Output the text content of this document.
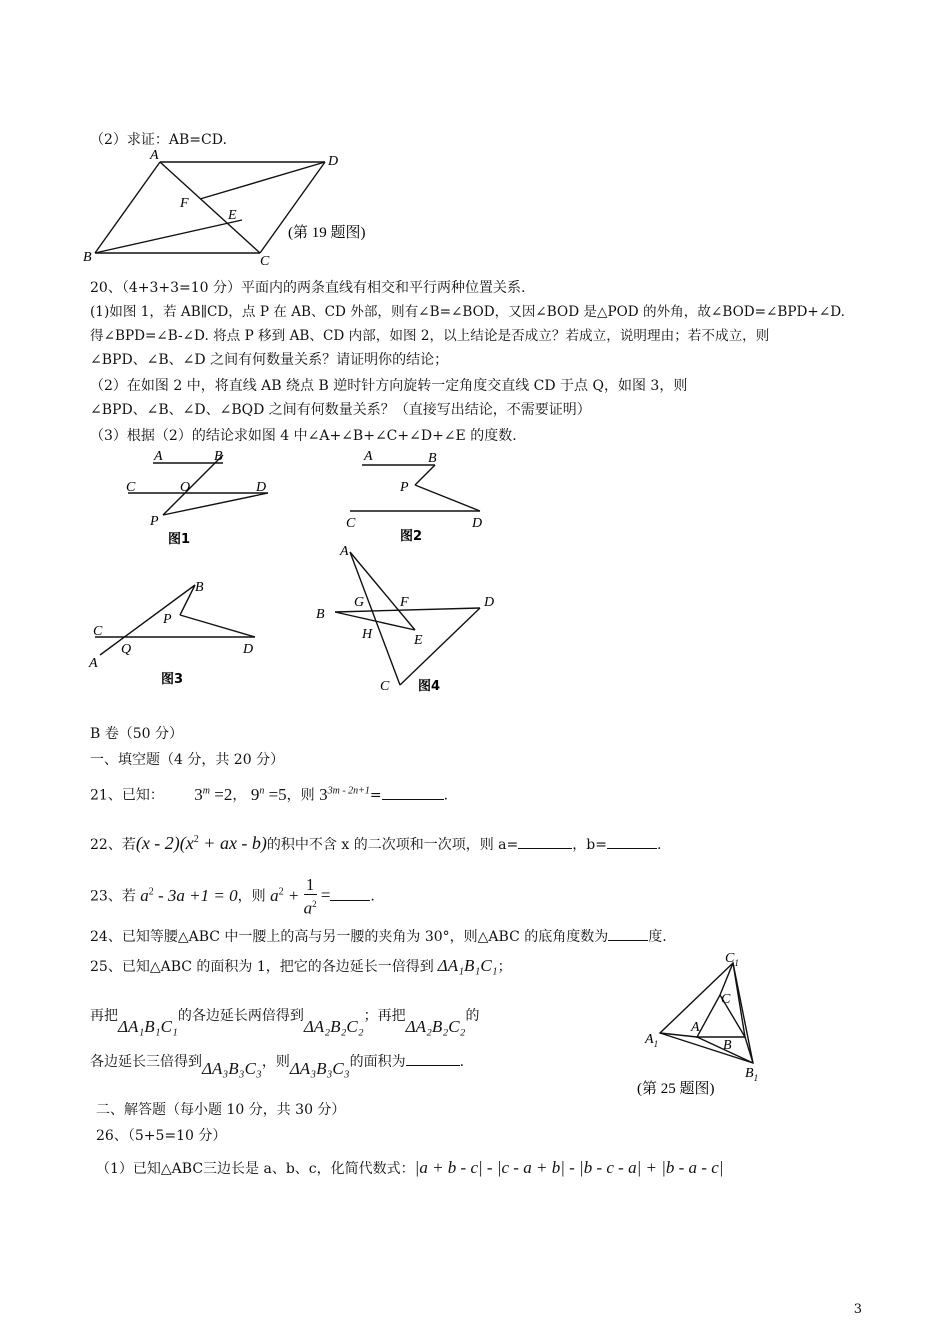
（2）求证：AB=CD.
A	D
F
E
B	C
(第 19 题图)
20、（4+3+3=10 分）平面内的两条直线有相交和平行两种位置关系.
(1)如图 1，若 AB∥CD，点 P 在 AB、CD 外部，则有∠B=∠BOD，又因∠BOD 是△POD 的外角，故∠BOD=∠BPD+∠D.
得∠BPD=∠B-∠D. 将点 P 移到 AB、CD 内部，如图 2，以上结论是否成立？若成立，说明理由；若不成立，则
∠BPD、∠B、∠D 之间有何数量关系？请证明你的结论；
（2）在如图 2 中，将直线 AB 绕点 B 逆时针方向旋转一定角度交直线 CD 于点 Q，如图 3，则
∠BPD、∠B、∠D、∠BQD 之间有何数量关系？（直接写出结论，不需要证明）
（3）根据（2）的结论求如图 4 中∠A+∠B+∠C+∠D+∠E 的度数.
A	B
C	O	D
P
图1
A	B
P
C	D
图2
B
P
C
Q	D
A
图3
A
G	F	D
B
H	E
C 图4
B 卷（50 分）
一、填空题（4 分，共 20 分）
21、已知： $3^m =2$， $9^n =5$，则 $3^{3m - 2n+1}=$	.
22、若$(x - 2)(x^2$ + ax - b)的积中不含 x 的二次项和一次项，则 a=	，b=	.
23、若 $a^2 - 3a +1 = 0$，则 $a^2 + \frac{1}{a^2}$ =	.
24、已知等腰△ABC 中一腰上的高与另一腰的夹角为 30°，则△ABC 的底角度数为	度.
25、已知△ABC 的面积为 1，把它的各边延长一倍得到 ΔA₁B₁C₁；
再把ΔA₁B₁C₁的各边延长两倍得到ΔA₂B₂C₂；再把ΔA₂B₂C₂的
各边延长三倍得到ΔA₃B₃C₃，则ΔA₃B₃C₃的面积为	.
$C_1$
C
A
$A_1$	B
$B_1$
(第 25 题图)
二、解答题（每小题 10 分，共 30 分）
26、（5+5=10 分）
（1）已知△ABC三边长是 a、b、c，化简代数式：|a + b - c| - |c - a + b| - |b - c - a| + |b - a - c|
3
